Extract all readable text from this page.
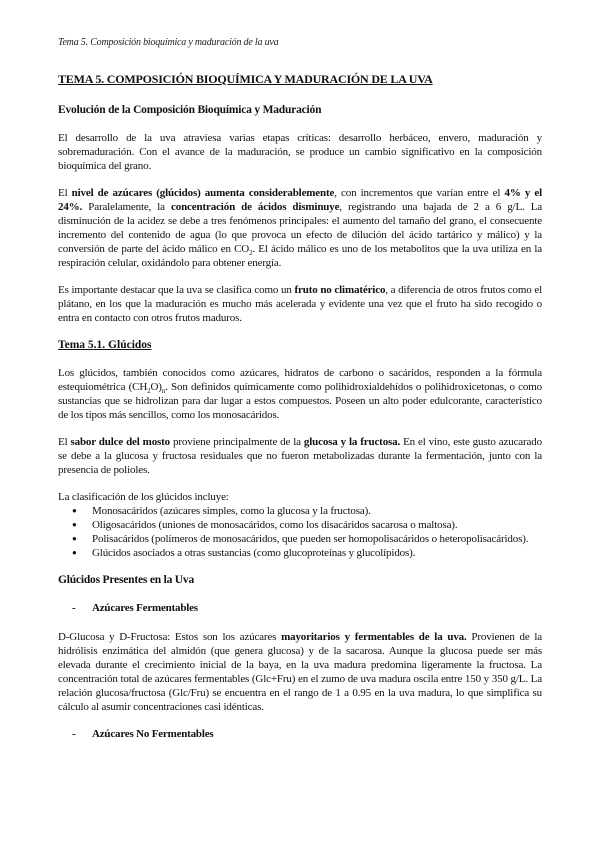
Tema 5. Composición bioquímica y maduración de la uva
TEMA 5. COMPOSICIÓN BIOQUÍMICA Y MADURACIÓN DE LA UVA
Evolución de la Composición Bioquímica y Maduración

El desarrollo de la uva atraviesa varias etapas críticas: desarrollo herbáceo, envero, maduración y sobremaduración. Con el avance de la maduración, se produce un cambio significativo en la composición bioquímica del grano.

El nivel de azúcares (glúcidos) aumenta considerablemente, con incrementos que varían entre el 4% y el 24%. Paralelamente, la concentración de ácidos disminuye, registrando una bajada de 2 a 6 g/L. La disminución de la acidez se debe a tres fenómenos principales: el aumento del tamaño del grano, el consecuente incremento del contenido de agua (lo que provoca un efecto de dilución del ácido tartárico y málico) y la conversión de parte del ácido málico en $CO_2$. El ácido málico es uno de los metabolitos que la uva utiliza en la respiración celular, oxidándolo para obtener energía.

Es importante destacar que la uva se clasifica como un fruto no climatérico, a diferencia de otros frutos como el plátano, en los que la maduración es mucho más acelerada y evidente una vez que el fruto ha sido recogido o entra en contacto con otros frutos maduros.

Tema 5.1. Glúcidos

Los glúcidos, también conocidos como azúcares, hidratos de carbono o sacáridos, responden a la fórmula estequiométrica $(CH_2O)_n$. Son definidos químicamente como polihidroxialdehídos o polihidroxicetonas, o como sustancias que se hidrolizan para dar lugar a estos compuestos. Poseen un alto poder edulcorante, característico de los tipos más sencillos, como los monosacáridos.

El sabor dulce del mosto proviene principalmente de la glucosa y la fructosa. En el vino, este gusto azucarado se debe a la glucosa y fructosa residuales que no fueron metabolizadas durante la fermentación, junto con la presencia de polioles.

La clasificación de los glúcidos incluye:

● Monosacáridos (azúcares simples, como la glucosa y la fructosa).
● Oligosacáridos (uniones de monosacáridos, como los disacáridos sacarosa o maltosa).
● Polisacáridos (polímeros de monosacáridos, que pueden ser homopolisacáridos o heteropolisacáridos).
● Glúcidos asociados a otras sustancias (como glucoproteínas y glucolípidos).
Glúcidos Presentes en la Uva
- Azúcares Fermentables

D-Glucosa y D-Fructosa: Estos son los azúcares mayoritarios y fermentables de la uva. Provienen de la hidrólisis enzimática del almidón (que genera glucosa) y de la sacarosa. Aunque la glucosa puede ser más elevada durante el crecimiento inicial de la baya, en la uva madura predomina ligeramente la fructosa. La concentración total de azúcares fermentables (Glc+Fru) en el zumo de uva madura oscila entre 150 y 350 g/L. La relación glucosa/fructosa (Glc/Fru) se encuentra en el rango de 1 a 0.95 en la uva madura, lo que simplifica su cálculo al asumir concentraciones casi idénticas.

- Azúcares No Fermentables
